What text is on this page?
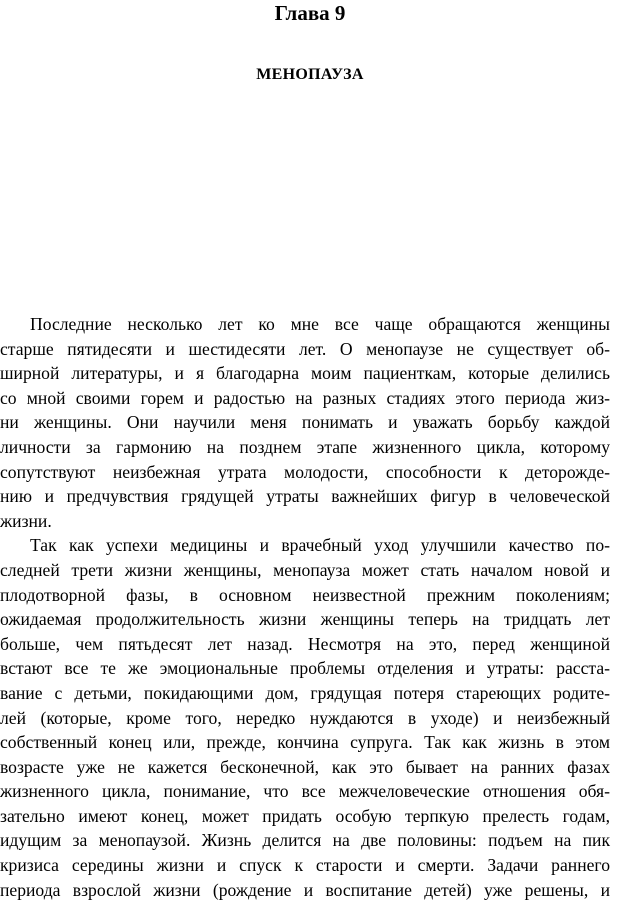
Глава 9
МЕНОПАУЗА
Последние несколько лет ко мне все чаще обращаются женщины
старше пятидесяти и шестидесяти лет. О менопаузе не существует об-
ширной литературы, и я благодарна моим пациенткам, которые делились
со мной своими горем и радостью на разных стадиях этого периода жиз-
ни женщины. Они научили меня понимать и уважать борьбу каждой
личности за гармонию на позднем этапе жизненного цикла, которому
сопутствуют неизбежная утрата молодости, способности к деторожде-
нию и предчувствия грядущей утраты важнейших фигур в человеческой
жизни.
Так как успехи медицины и врачебный уход улучшили качество по-
следней трети жизни женщины, менопауза может стать началом новой и
плодотворной фазы, в основном неизвестной прежним поколениям;
ожидаемая продолжительность жизни женщины теперь на тридцать лет
больше, чем пятьдесят лет назад. Несмотря на это, перед женщиной
встают все те же эмоциональные проблемы отделения и утраты: расста-
вание с детьми, покидающими дом, грядущая потеря стареющих родите-
лей (которые, кроме того, нередко нуждаются в уходе) и неизбежный
собственный конец или, прежде, кончина супруга. Так как жизнь в этом
возрасте уже не кажется бесконечной, как это бывает на ранних фазах
жизненного цикла, понимание, что все межчеловеческие отношения обя-
зательно имеют конец, может придать особую терпкую прелесть годам,
идущим за менопаузой. Жизнь делится на две половины: подъем на пик
кризиса середины жизни и спуск к старости и смерти. Задачи раннего
периода взрослой жизни (рождение и воспитание детей) уже решены, и
